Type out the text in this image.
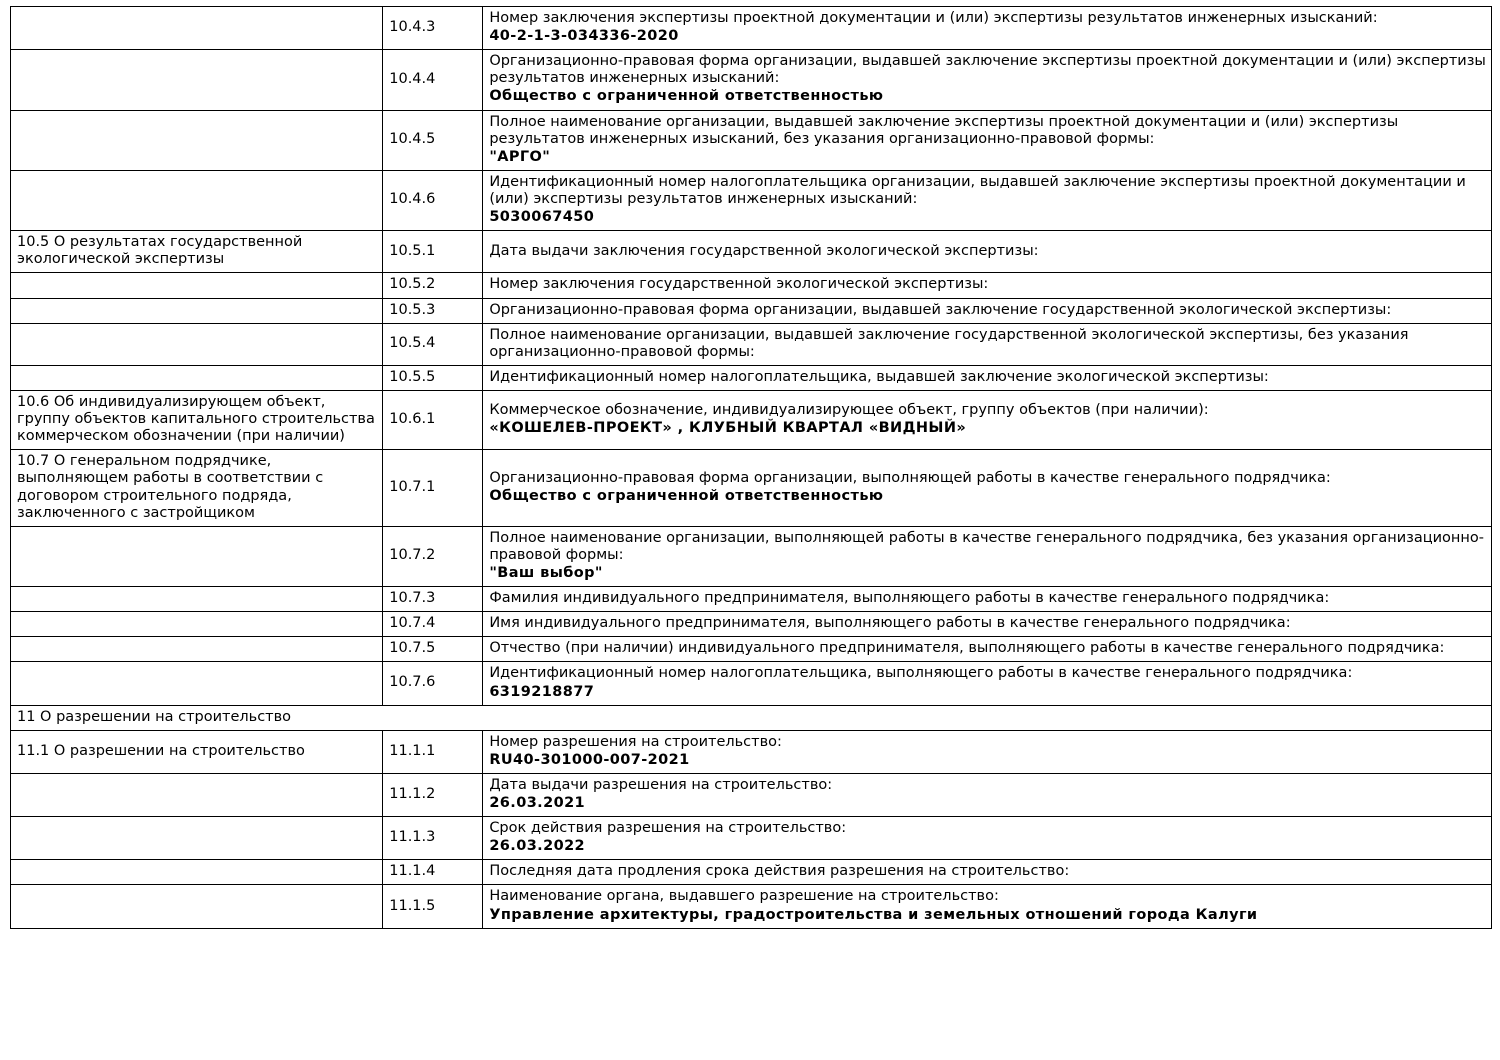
	10.4.3	Номер заключения экспертизы проектной документации и (или) экспертизы результатов инженерных изысканий:
40-2-1-3-034336-2020

	10.4.4	Организационно-правовая форма организации, выдавшей заключение экспертизы проектной документации и (или) экспертизы результатов инженерных изысканий:
Общество с ограниченной ответственностью

	10.4.5	Полное наименование организации, выдавшей заключение экспертизы проектной документации и (или) экспертизы результатов инженерных изысканий, без указания организационно-правовой формы:
"АРГО"

	10.4.6	Идентификационный номер налогоплательщика организации, выдавшей заключение экспертизы проектной документации и (или) экспертизы результатов инженерных изысканий:
5030067450

10.5 О результатах государственной экологической экспертизы	10.5.1	Дата выдачи заключения государственной экологической экспертизы:

	10.5.2	Номер заключения государственной экологической экспертизы:

	10.5.3	Организационно-правовая форма организации, выдавшей заключение государственной экологической экспертизы:

	10.5.4	Полное наименование организации, выдавшей заключение государственной экологической экспертизы, без указания организационно-правовой формы:

	10.5.5	Идентификационный номер налогоплательщика, выдавшей заключение экологической экспертизы:

10.6 Об индивидуализирующем объект, группу объектов капитального строительства коммерческом обозначении (при наличии)	10.6.1	Коммерческое обозначение, индивидуализирующее объект, группу объектов (при наличии):
«КОШЕЛЕВ-ПРОЕКТ» , КЛУБНЫЙ КВАРТАЛ «ВИДНЫЙ»

10.7 О генеральном подрядчике, выполняющем работы в соответствии с договором строительного подряда, заключенного с застройщиком	10.7.1	Организационно-правовая форма организации, выполняющей работы в качестве генерального подрядчика:
Общество с ограниченной ответственностью

	10.7.2	Полное наименование организации, выполняющей работы в качестве генерального подрядчика, без указания организационно-правовой формы:
"Ваш выбор"

	10.7.3	Фамилия индивидуального предпринимателя, выполняющего работы в качестве генерального подрядчика:

	10.7.4	Имя индивидуального предпринимателя, выполняющего работы в качестве генерального подрядчика:

	10.7.5	Отчество (при наличии) индивидуального предпринимателя, выполняющего работы в качестве генерального подрядчика:

	10.7.6	Идентификационный номер налогоплательщика, выполняющего работы в качестве генерального подрядчика:
6319218877

11 О разрешении на строительство		
11.1 О разрешении на строительство	11.1.1	Номер разрешения на строительство:
RU40-301000-007-2021

	11.1.2	Дата выдачи разрешения на строительство:
26.03.2021

	11.1.3	Срок действия разрешения на строительство:
26.03.2022

	11.1.4	Последняя дата продления срока действия разрешения на строительство:

	11.1.5	Наименование органа, выдавшего разрешение на строительство:
Управление архитектуры, градостроительства и земельных отношений города Калуги
